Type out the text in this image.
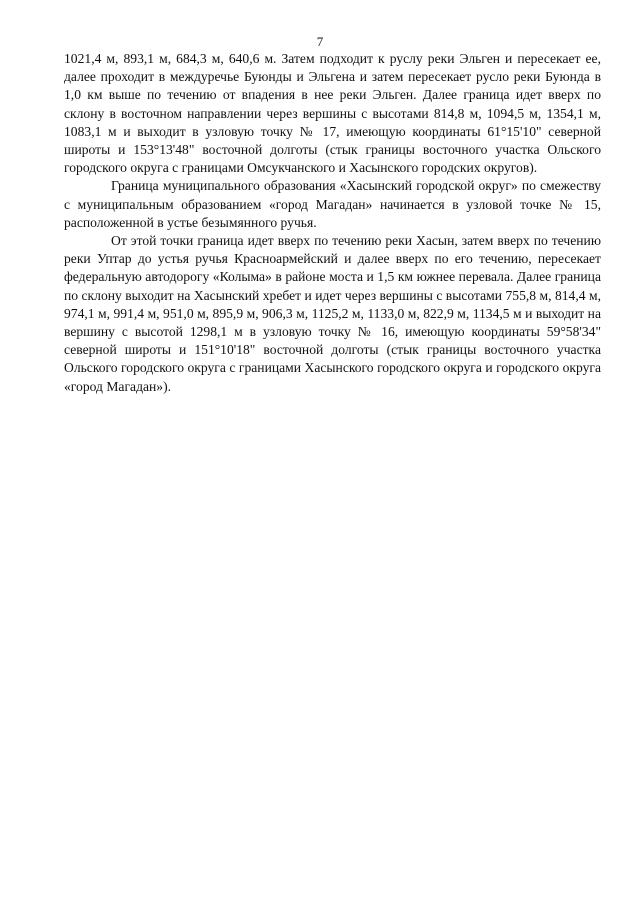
7

1021,4 м, 893,1 м, 684,3 м, 640,6 м. Затем подходит к руслу реки Эльген и пересекает ее, далее проходит в междуречье Буюнды и Эльгена и затем пересекает русло реки Буюнда в 1,0 км выше по течению от впадения в нее реки Эльген. Далее граница идет вверх по склону в восточном направлении через вершины с высотами 814,8 м, 1094,5 м, 1354,1 м, 1083,1 м и выходит в узловую точку № 17, имеющую координаты 61°15'10" северной широты и 153°13'48" восточной долготы (стык границы восточного участка Ольского городского округа с границами Омсукчанского и Хасынского городских округов).

Граница муниципального образования «Хасынский городской округ» по смежеству с муниципальным образованием «город Магадан» начинается в узловой точке № 15, расположенной в устье безымянного ручья.

От этой точки граница идет вверх по течению реки Хасын, затем вверх по течению реки Уптар до устья ручья Красноармейский и далее вверх по его течению, пересекает федеральную автодорогу «Колыма» в районе моста и 1,5 км южнее перевала. Далее граница по склону выходит на Хасынский хребет и идет через вершины с высотами 755,8 м, 814,4 м, 974,1 м, 991,4 м, 951,0 м, 895,9 м, 906,3 м, 1125,2 м, 1133,0 м, 822,9 м, 1134,5 м и выходит на вершину с высотой 1298,1 м в узловую точку № 16, имеющую координаты 59°58'34" северной широты и 151°10'18" восточной долготы (стык границы восточного участка Ольского городского округа с границами Хасынского городского округа и городского округа «город Магадан»).
